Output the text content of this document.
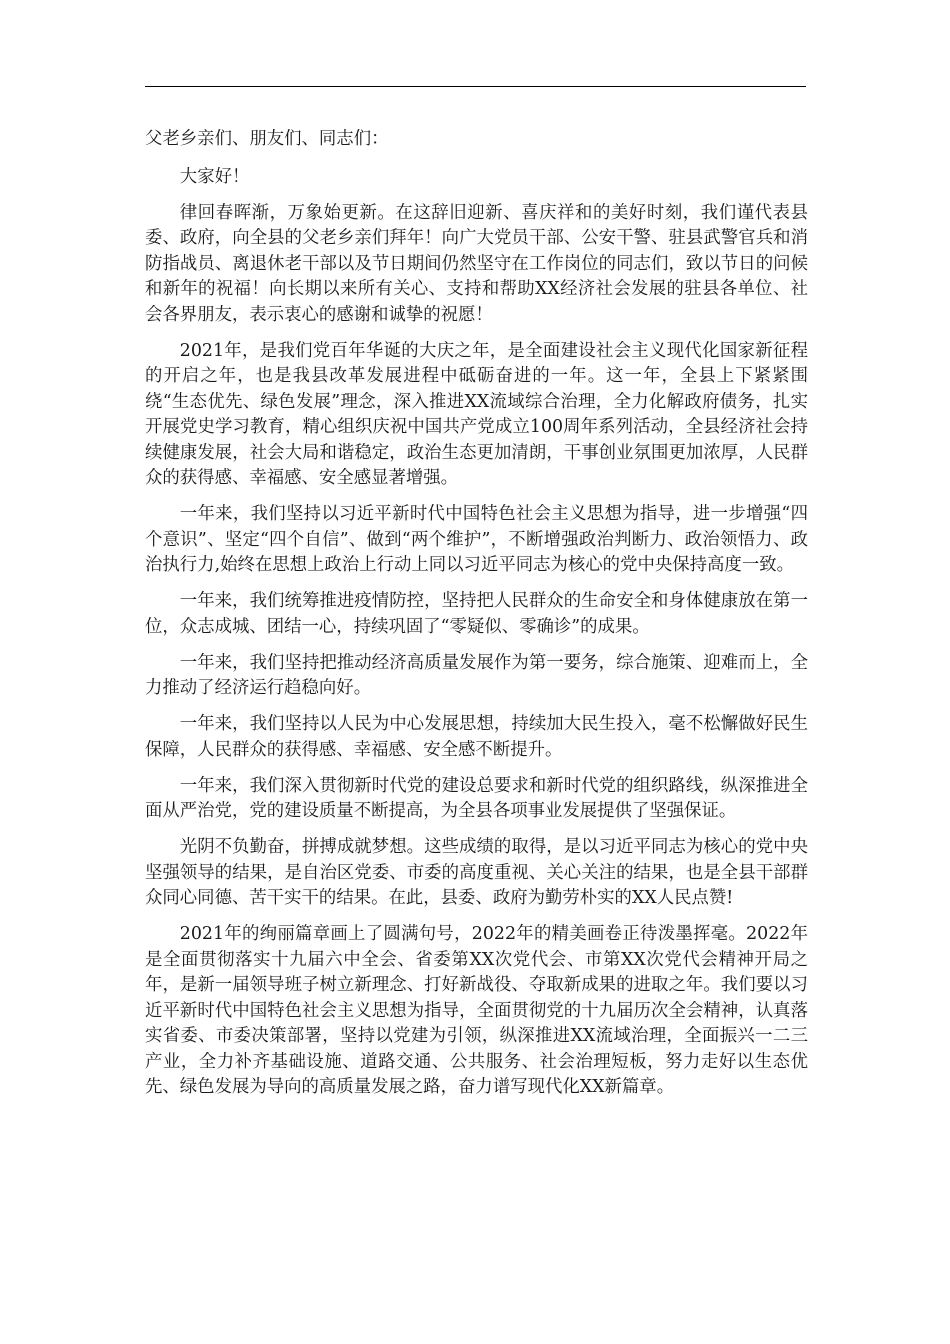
父老乡亲们、朋友们、同志们：

大家好！

律回春晖渐，万象始更新。在这辞旧迎新、喜庆祥和的美好时刻，我们谨代表县委、政府，向全县的父老乡亲们拜年！向广大党员干部、公安干警、驻县武警官兵和消防指战员、离退休老干部以及节日期间仍然坚守在工作岗位的同志们，致以节日的问候和新年的祝福！向长期以来所有关心、支持和帮助XX经济社会发展的驻县各单位、社会各界朋友，表示衷心的感谢和诚挚的祝愿！

2021年，是我们党百年华诞的大庆之年，是全面建设社会主义现代化国家新征程的开启之年，也是我县改革发展进程中砥砺奋进的一年。这一年，全县上下紧紧围绕“生态优先、绿色发展”理念，深入推进XX流域综合治理，全力化解政府债务，扎实开展党史学习教育，精心组织庆祝中国共产党成立100周年系列活动，全县经济社会持续健康发展，社会大局和谐稳定，政治生态更加清朗，干事创业氛围更加浓厚，人民群众的获得感、幸福感、安全感显著增强。

一年来，我们坚持以习近平新时代中国特色社会主义思想为指导，进一步增强“四个意识”、坚定“四个自信”、做到“两个维护”，不断增强政治判断力、政治领悟力、政治执行力,始终在思想上政治上行动上同以习近平同志为核心的党中央保持高度一致。

一年来，我们统筹推进疫情防控，坚持把人民群众的生命安全和身体健康放在第一位，众志成城、团结一心，持续巩固了“零疑似、零确诊”的成果。

一年来，我们坚持把推动经济高质量发展作为第一要务，综合施策、迎难而上，全力推动了经济运行趋稳向好。

一年来，我们坚持以人民为中心发展思想，持续加大民生投入，毫不松懈做好民生保障，人民群众的获得感、幸福感、安全感不断提升。

一年来，我们深入贯彻新时代党的建设总要求和新时代党的组织路线，纵深推进全面从严治党，党的建设质量不断提高，为全县各项事业发展提供了坚强保证。

光阴不负勤奋，拼搏成就梦想。这些成绩的取得，是以习近平同志为核心的党中央坚强领导的结果，是自治区党委、市委的高度重视、关心关注的结果，也是全县干部群众同心同德、苦干实干的结果。在此，县委、政府为勤劳朴实的XX人民点赞!

2021年的绚丽篇章画上了圆满句号，2022年的精美画卷正待泼墨挥毫。2022年是全面贯彻落实十九届六中全会、省委第XX次党代会、市第XX次党代会精神开局之年，是新一届领导班子树立新理念、打好新战役、夺取新成果的进取之年。我们要以习近平新时代中国特色社会主义思想为指导，全面贯彻党的十九届历次全会精神，认真落实省委、市委决策部署，坚持以党建为引领，纵深推进XX流域治理，全面振兴一二三产业，全力补齐基础设施、道路交通、公共服务、社会治理短板，努力走好以生态优先、绿色发展为导向的高质量发展之路，奋力谱写现代化XX新篇章。
